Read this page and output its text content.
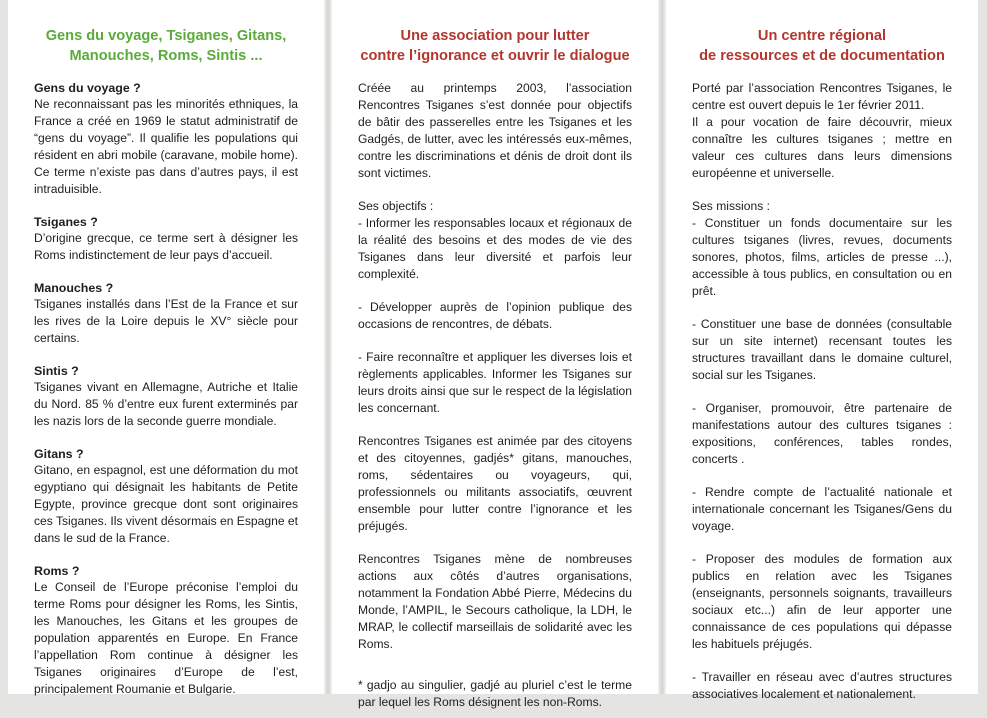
Gens du voyage, Tsiganes, Gitans,
Manouches, Roms, Sintis ...
Gens du voyage ?

Ne reconnaissant pas les minorités ethniques, la France a créé en 1969 le statut administratif de “gens du voyage”. Il qualifie les populations qui résident en abri mobile (caravane, mobile home). Ce terme n’existe pas dans d’autres pays, il est intraduisible.

Tsiganes ?

D’origine grecque, ce terme sert à désigner les Roms indistinctement de leur pays d’accueil.

Manouches ?

Tsiganes installés dans l’Est de la France et sur les rives de la Loire depuis le XV° siècle pour certains.

Sintis ?

Tsiganes vivant en Allemagne, Autriche et Italie du Nord. 85 % d’entre eux furent exterminés par les nazis lors de la seconde guerre mondiale.

Gitans ?

Gitano, en espagnol, est une déformation du mot egyptiano qui désignait les habitants de Petite Egypte, province grecque dont sont originaires ces Tsiganes. Ils vivent désormais en Espagne et dans le sud de la France.

Roms ?

Le Conseil de l’Europe préconise l’emploi du terme Roms pour désigner les Roms, les Sintis, les Manouches, les Gitans et les groupes de population apparentés en Europe. En France l’appellation Rom continue à désigner les Tsiganes originaires d’Europe de l’est, principalement Roumanie et Bulgarie.

Une association pour lutter
contre l’ignorance et ouvrir le dialogue

Créée au printemps 2003, l’association Rencontres Tsiganes s’est donnée pour objectifs de bâtir des passerelles entre les Tsiganes et les Gadgés, de lutter, avec les intéressés eux-mêmes, contre les discriminations et dénis de droit dont ils sont victimes.

Ses objectifs :

- Informer les responsables locaux et régionaux de la réalité des besoins et des modes de vie des Tsiganes dans leur diversité et parfois leur complexité.

- Développer auprès de l’opinion publique des occasions de rencontres, de débats.

- Faire reconnaître et appliquer les diverses lois et règlements applicables. Informer les Tsiganes sur leurs droits ainsi que sur le respect de la législation les concernant.

Rencontres Tsiganes est animée par des citoyens et des citoyennes, gadjés* gitans, manouches, roms, sédentaires ou voyageurs, qui, professionnels ou militants associatifs, œuvrent ensemble pour lutter contre l’ignorance et les préjugés.

Rencontres Tsiganes mène de nombreuses actions aux côtés d’autres organisations, notamment la Fondation Abbé Pierre, Médecins du Monde, l’AMPIL, le Secours catholique, la LDH, le MRAP, le collectif marseillais de solidarité avec les Roms.

* gadjo au singulier, gadjé au pluriel c’est le terme par lequel les Roms désignent les non-Roms.

Un centre régional
de ressources et de documentation

Porté par l’association Rencontres Tsiganes, le centre est ouvert depuis le 1er février 2011.

Il a pour vocation de faire découvrir, mieux connaître les cultures tsiganes ; mettre en valeur ces cultures dans leurs dimensions européenne et universelle.

Ses missions :

- Constituer un fonds documentaire sur les cultures tsiganes (livres, revues, documents sonores, photos, films, articles de presse ...), accessible à tous publics, en consultation ou en prêt.

- Constituer une base de données (consultable sur un site internet) recensant toutes les structures travaillant dans le domaine culturel, social sur les Tsiganes.

- Organiser, promouvoir, être partenaire de manifestations autour des cultures tsiganes : expositions, conférences, tables rondes, concerts .

- Rendre compte de l’actualité nationale et internationale concernant les Tsiganes/Gens du voyage.

- Proposer des modules de formation aux publics en relation avec les Tsiganes (enseignants, personnels soignants, travailleurs sociaux etc...) afin de leur apporter une connaissance de ces populations qui dépasse les habituels préjugés.

- Travailler en réseau avec d’autres structures associatives localement et nationalement.
